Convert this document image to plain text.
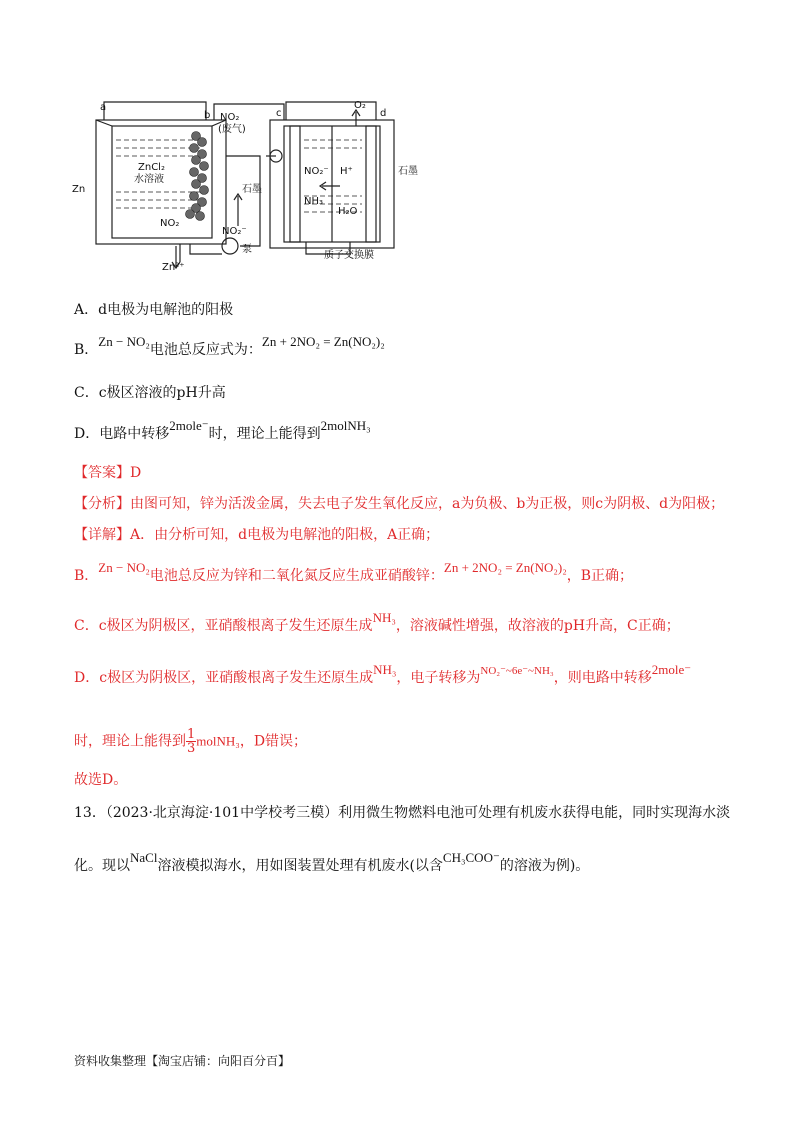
a
b	c	d
NO₂
(废气)
ZnCl₂
水溶液
Zn
NO₂
NO₂⁻
泵
Zn²⁺
O₂
石墨
石墨
NO₂⁻ H⁺
NH₃
H₂O
质子交换膜
A．d电极为电解池的阳极
B．Zn − NO₂电池总反应式为：Zn + 2NO₂ = Zn(NO₂)₂
C．c极区溶液的pH升高
D．电路中转移2mole⁻时，理论上能得到2molNH₃
【答案】D
【分析】由图可知，锌为活泼金属，失去电子发生氧化反应，a为负极、b为正极，则c为阴极、d为阳极；
【详解】A．由分析可知，d电极为电解池的阳极，A正确；
B．Zn − NO₂电池总反应为锌和二氧化氮反应生成亚硝酸锌：Zn + 2NO₂ = Zn(NO₂)₂，B正确；
C．c极区为阴极区，亚硝酸根离子发生还原生成NH₃，溶液碱性增强，故溶液的pH升高，C正确；
D．c极区为阴极区，亚硝酸根离子发生还原生成NH₃，电子转移为$^{NO_2^-\sim 6e^-\sim NH_3}$，则电路中转移2mole⁻
时，理论上能得到 $\frac{1}{3}$ molNH₃，D错误；
故选D。
13．（2023·北京海淀·101中学校考三模）利用微生物燃料电池可处理有机废水获得电能，同时实现海水淡
化。现以NaCl溶液模拟海水，用如图装置处理有机废水(以含CH₃COO⁻的溶液为例)。
资料收集整理【淘宝店铺：向阳百分百】
